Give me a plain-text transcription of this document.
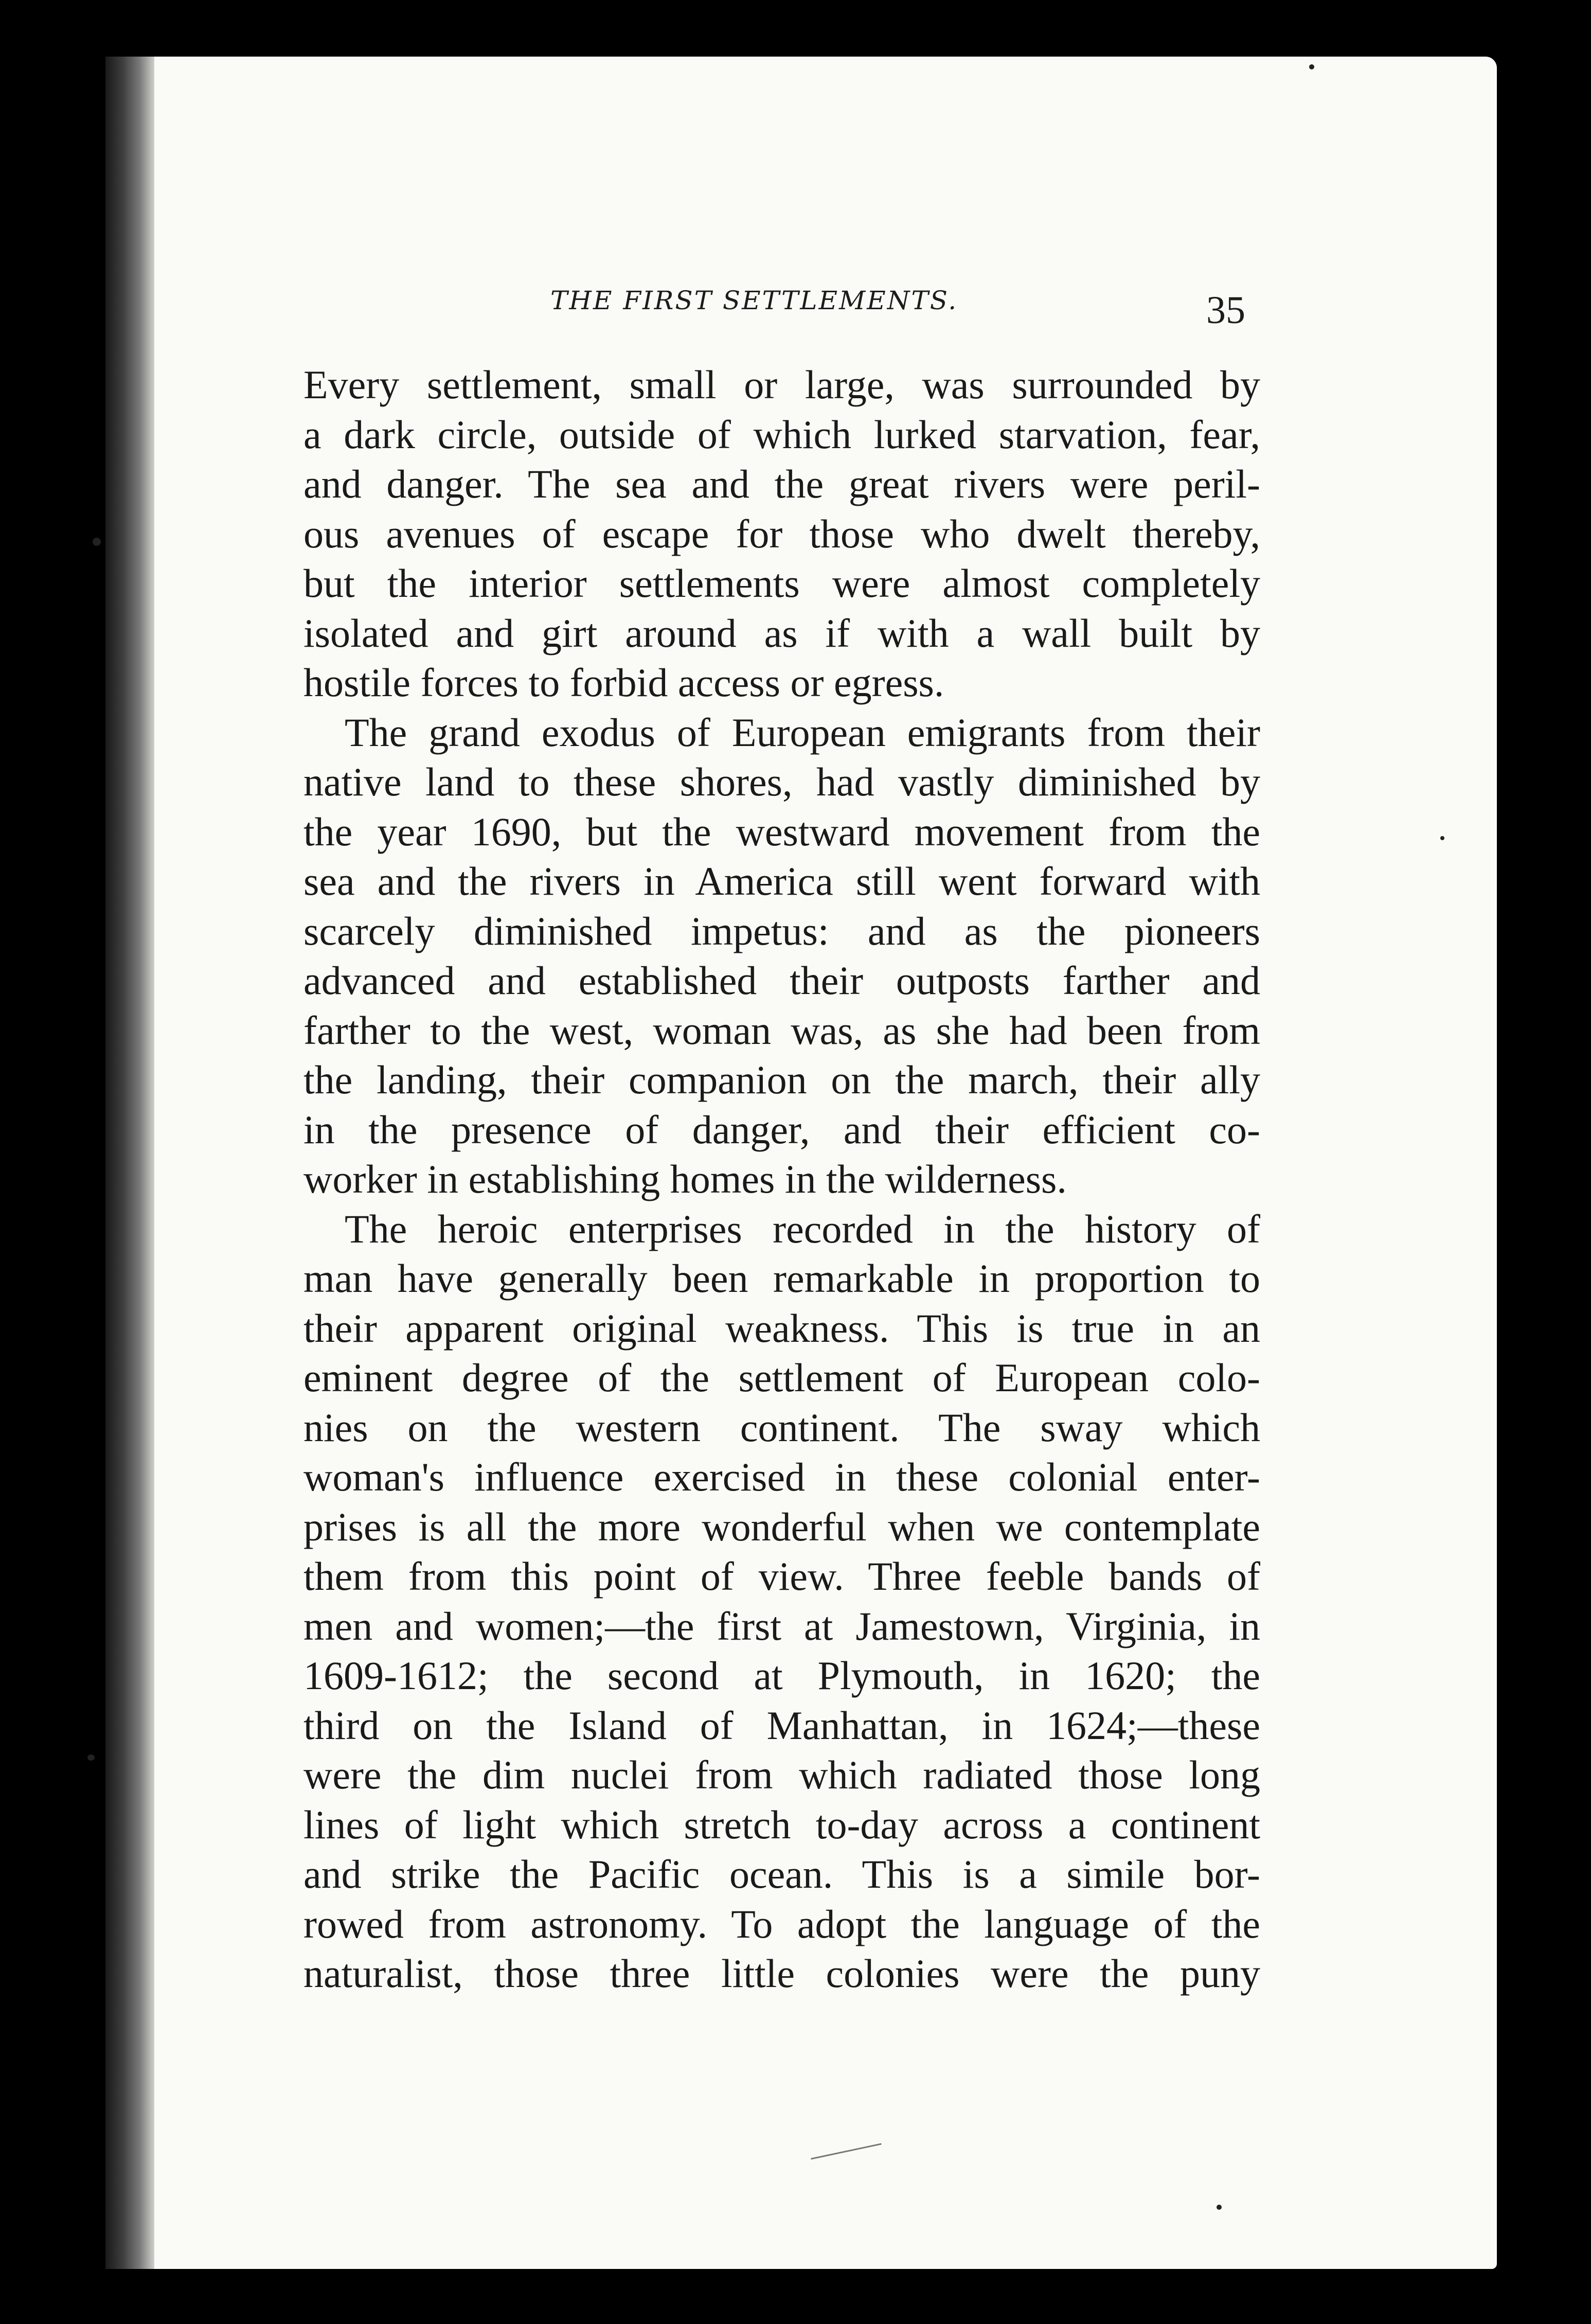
THE FIRST SETTLEMENTS.	35
Every settlement, small or large, was surrounded by
a dark circle, outside of which lurked starvation, fear,
and danger. The sea and the great rivers were peril-
ous avenues of escape for those who dwelt thereby,
but the interior settlements were almost completely
isolated and girt around as if with a wall built by
hostile forces to forbid access or egress.
The grand exodus of European emigrants from their
native land to these shores, had vastly diminished by
the year 1690, but the westward movement from the
sea and the rivers in America still went forward with
scarcely diminished impetus: and as the pioneers
advanced and established their outposts farther and
farther to the west, woman was, as she had been from
the landing, their companion on the march, their ally
in the presence of danger, and their efficient co-
worker in establishing homes in the wilderness.
The heroic enterprises recorded in the history of
man have generally been remarkable in proportion to
their apparent original weakness. This is true in an
eminent degree of the settlement of European colo-
nies on the western continent. The sway which
woman's influence exercised in these colonial enter-
prises is all the more wonderful when we contemplate
them from this point of view. Three feeble bands of
men and women;—the first at Jamestown, Virginia, in
1609-1612; the second at Plymouth, in 1620; the
third on the Island of Manhattan, in 1624;—these
were the dim nuclei from which radiated those long
lines of light which stretch to-day across a continent
and strike the Pacific ocean. This is a simile bor-
rowed from astronomy. To adopt the language of the
naturalist, those three little colonies were the puny
